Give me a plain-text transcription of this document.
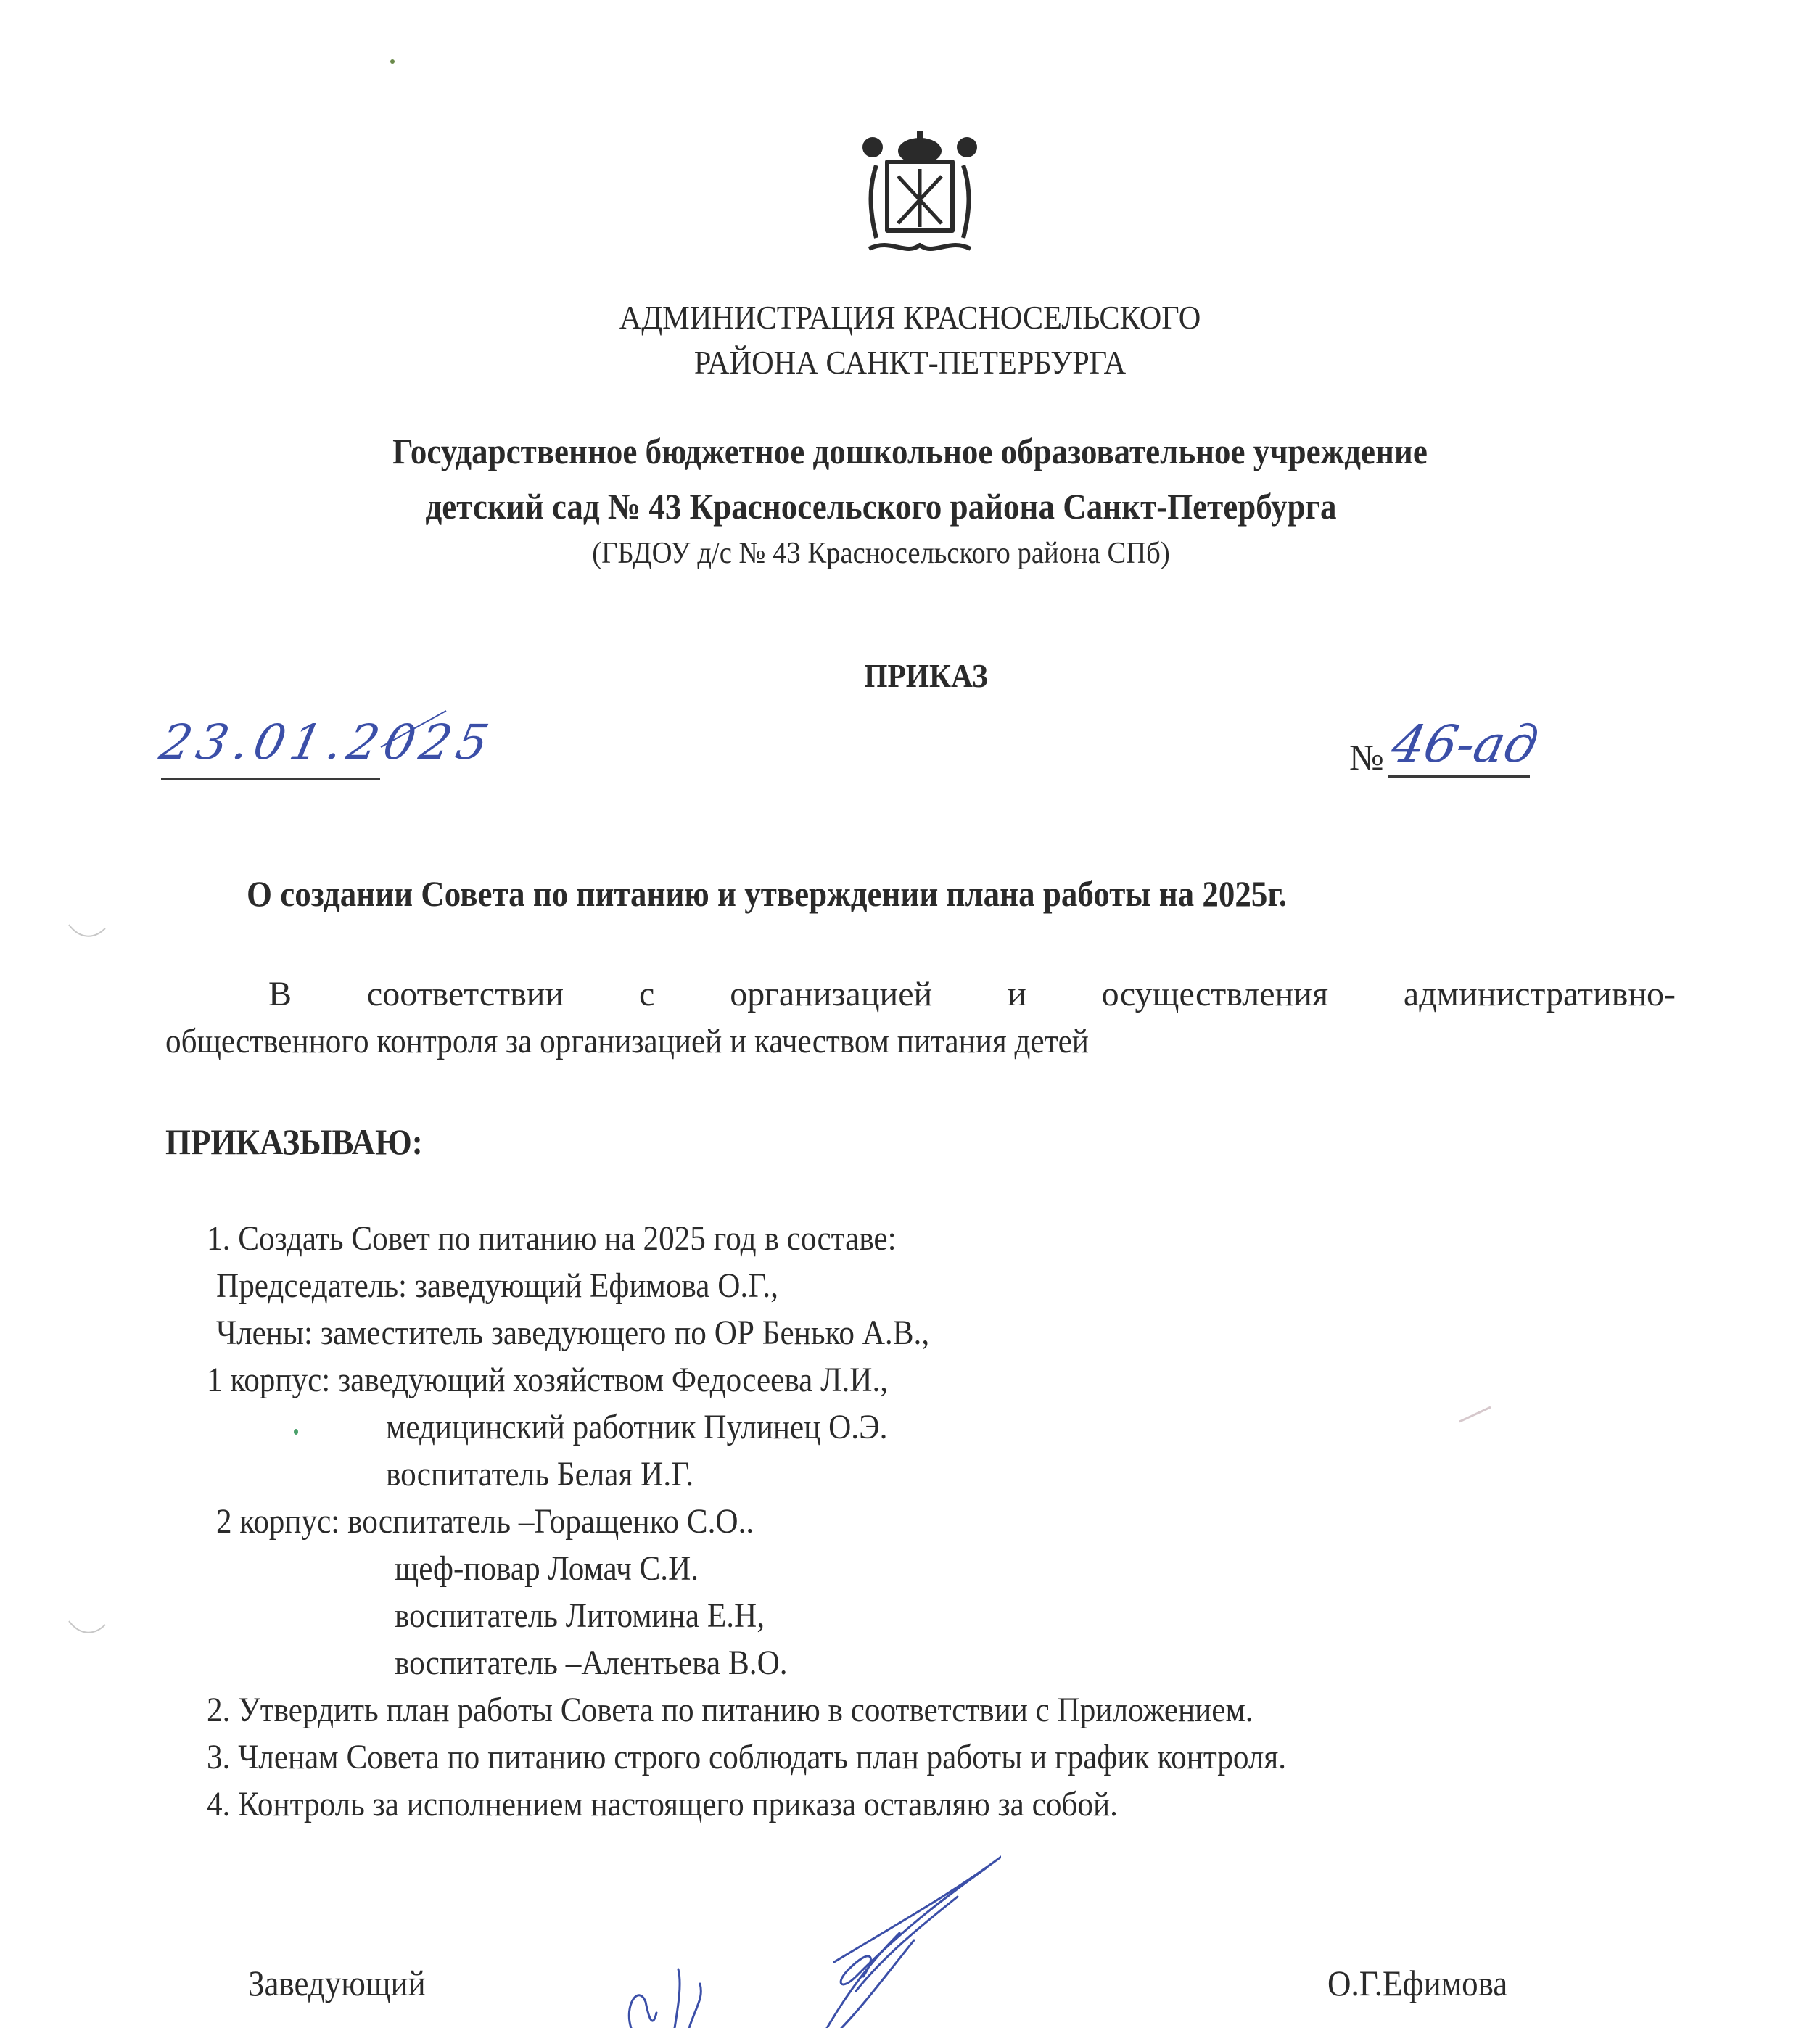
АДМИНИСТРАЦИЯ КРАСНОСЕЛЬСКОГО
РАЙОНА САНКТ-ПЕТЕРБУРГА
Государственное бюджетное дошкольное образовательное учреждение
детский сад № 43 Красносельского района Санкт-Петербурга
(ГБДОУ д/с № 43 Красносельского района СПб)
ПРИКАЗ
23.01.2025	№ 46-ад
О создании Совета по питанию и утверждении плана работы на 2025г.
В соответствии с организацией и осуществления административно-
общественного контроля за организацией и качеством питания детей
ПРИКАЗЫВАЮ:
1. Создать Совет по питанию на 2025 год в составе:
Председатель: заведующий Ефимова О.Г.,
Члены: заместитель заведующего по ОР Бенько А.В.,
1 корпус: заведующий хозяйством Федосеева Л.И.,
медицинский работник Пулинец О.Э.
воспитатель Белая И.Г.
2 корпус: воспитатель –Горащенко С.О..
щеф-повар Ломач С.И.
воспитатель Литомина Е.Н,
воспитатель –Алентьева В.О.
2. Утвердить план работы Совета по питанию в соответствии с Приложением.
3. Членам Совета по питанию строго соблюдать план работы и график контроля.
4. Контроль за исполнением настоящего приказа оставляю за собой.
Заведующий	О.Г.Ефимова
